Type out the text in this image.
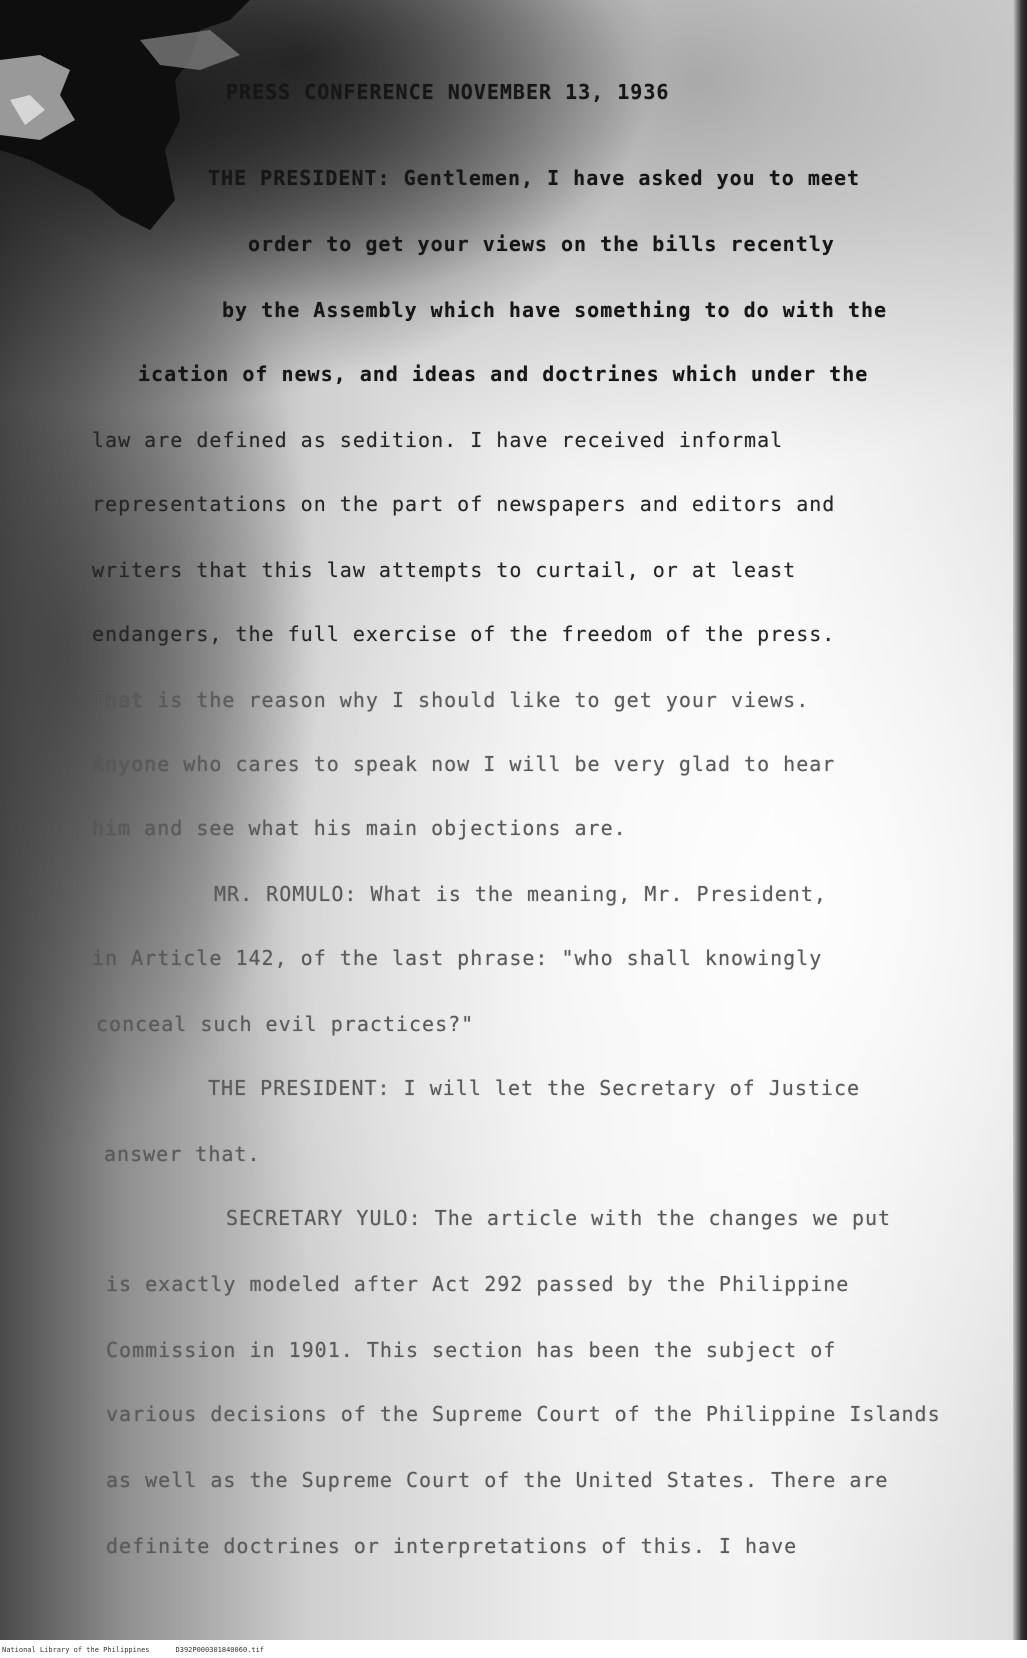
PRESS CONFERENCE NOVEMBER 13, 1936
THE PRESIDENT: Gentlemen, I have asked you to meet
order to get your views on the bills recently
by the Assembly which have something to do with the
ication of news, and ideas and doctrines which under the
law are defined as sedition. I have received informal
representations on the part of newspapers and editors and
writers that this law attempts to curtail, or at least
endangers, the full exercise of the freedom of the press.
That is the reason why I should like to get your views.
Anyone who cares to speak now I will be very glad to hear
him and see what his main objections are.
MR. ROMULO: What is the meaning, Mr. President,
in Article 142, of the last phrase: "who shall knowingly
conceal such evil practices?"
THE PRESIDENT: I will let the Secretary of Justice
answer that.
SECRETARY YULO: The article with the changes we put
is exactly modeled after Act 292 passed by the Philippine
Commission in 1901. This section has been the subject of
various decisions of the Supreme Court of the Philippine Islands
as well as the Supreme Court of the United States. There are
definite doctrines or interpretations of this. I have
National Library of the Philippines	D392P000301840060.tif
